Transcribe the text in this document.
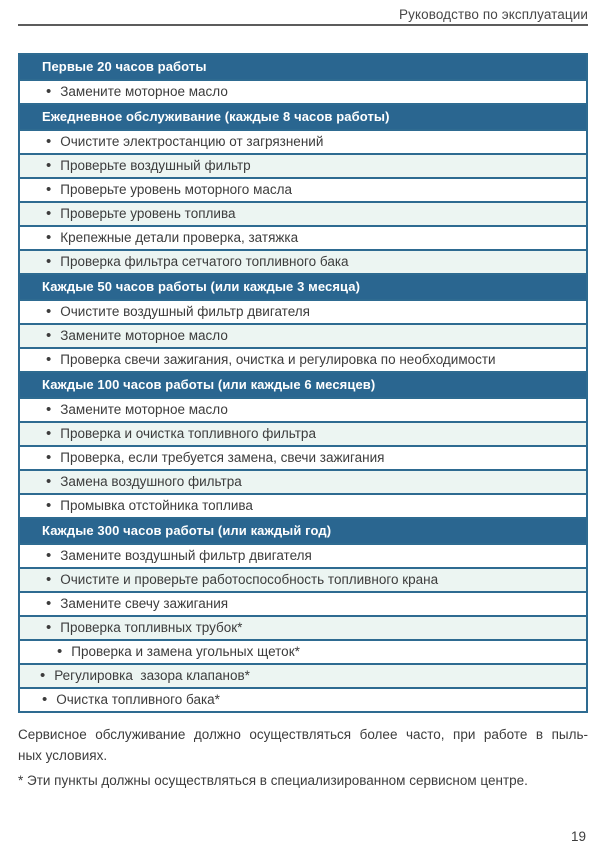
Руководство по эксплуатации
Первые 20 часов работы
• Замените моторное масло
Ежедневное обслуживание (каждые 8 часов работы)
• Очистите электростанцию от загрязнений
• Проверьте воздушный фильтр
• Проверьте уровень моторного масла
• Проверьте уровень топлива
• Крепежные детали проверка, затяжка
• Проверка фильтра сетчатого топливного бака
Каждые 50 часов работы (или каждые 3 месяца)
• Очистите воздушный фильтр двигателя
• Замените моторное масло
• Проверка свечи зажигания, очистка и регулировка по необходимости
Каждые 100 часов работы (или каждые 6 месяцев)
• Замените моторное масло
• Проверка и очистка топливного фильтра
• Проверка, если требуется замена, свечи зажигания
• Замена воздушного фильтра
• Промывка отстойника топлива
Каждые 300 часов работы (или каждый год)
• Замените воздушный фильтр двигателя
• Очистите и проверьте работоспособность топливного крана
• Замените свечу зажигания
• Проверка топливных трубок*
• Проверка и замена угольных щеток*
• Регулировка  зазора клапанов*
• Очистка топливного бака*

Сервисное обслуживание должно осуществляться более часто, при работе в пыль-
ных условиях.

* Эти пункты должны осуществляться в специализированном сервисном центре.

19
